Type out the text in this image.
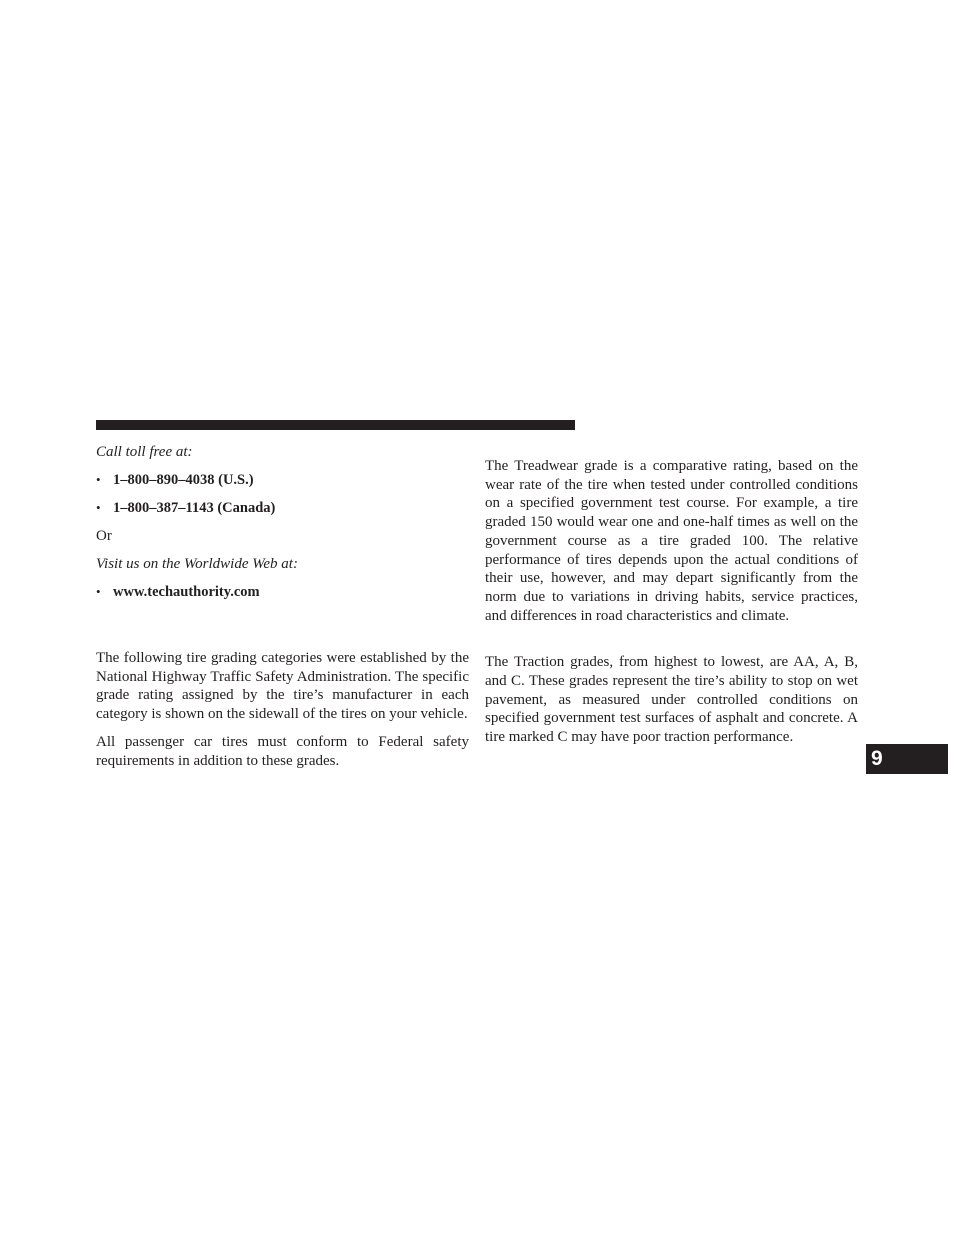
Call toll free at:
• 1–800–890–4038 (U.S.)
• 1–800–387–1143 (Canada)
Or
Visit us on the Worldwide Web at:
• www.techauthority.com

The following tire grading categories were established by the National Highway Traffic Safety Administration. The specific grade rating assigned by the tire’s manufacturer in each category is shown on the sidewall of the tires on your vehicle.

All passenger car tires must conform to Federal safety requirements in addition to these grades.

The Treadwear grade is a comparative rating, based on the wear rate of the tire when tested under controlled conditions on a specified government test course. For example, a tire graded 150 would wear one and one-half times as well on the government course as a tire graded 100. The relative performance of tires depends upon the actual conditions of their use, however, and may depart significantly from the norm due to variations in driving habits, service practices, and differences in road characteristics and climate.

The Traction grades, from highest to lowest, are AA, A, B, and C. These grades represent the tire’s ability to stop on wet pavement, as measured under controlled conditions on specified government test surfaces of asphalt and concrete. A tire marked C may have poor traction performance.

9
